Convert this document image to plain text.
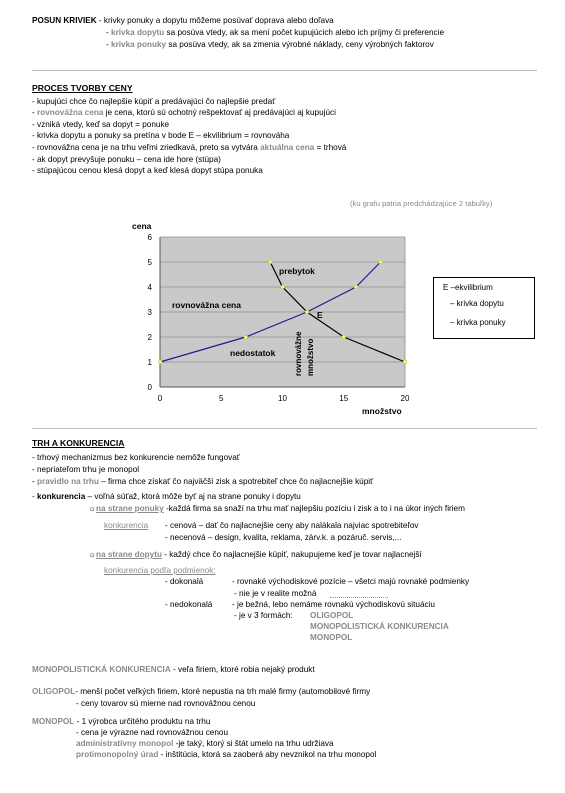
POSUN KRIVIEK - krivky ponuky a dopytu môžeme posúvať doprava alebo doľava
- krivka dopytu sa posúva vtedy, ak sa mení počet kupujúcich alebo ich príjmy či preferencie
- krivka ponuky sa posúva vtedy, ak sa zmenia výrobné náklady, ceny výrobných faktorov
PROCES TVORBY CENY
- kupujúci chce čo najlepšie kúpiť a predávajúci čo najlepšie predať
- rovnovážna cena je cena, ktorú sú ochotný rešpektovať aj predávajúci aj kupujúci
- vzniká vtedy, keď sa dopyt = ponuke
- krivka dopytu a ponuky sa pretína v bode E – ekvilibrium = rovnováha
- rovnovážna cena je na trhu veľmi zriedkavá, preto sa vytvára aktuálna cena = trhová
- ak dopyt prevyšuje ponuku – cena ide hore (stúpa)
- stúpajúcou cenou klesá dopyt a keď klesá dopyt stúpa ponuka
(ku grafu patria predchádzajúce 2 tabuľky)
0
1
2
3
4
5
6
0	5	10	15	20
cena
množstvo
prebytok
rovnovážna cena
E
nedostatok rovnovážne množstvo
E –ekvilibrium
– krivka dopytu
– krivka ponuky
TRH A KONKURENCIA
- trhový mechanizmus bez konkurencie nemôže fungovať
- nepriateľom trhu je monopol
- pravidlo na trhu – firma chce získať čo najväčší zisk a spotrebiteľ chce čo najlacnejšie kúpiť
- konkurencia – voľná súťaž, ktorá môže byť aj na strane ponuky i dopytu
☼na strane ponuky -každá firma sa snaží na trhu mať najlepšiu pozíciu i zisk a to i na úkor iných firiem
konkurencia - cenová – dať čo najlacnejšie ceny aby nalákala najviac spotrebiteľov
- necenová – design, kvalita, reklama, zárv.k. a pozáruč. servis,...
☼na strane dopytu - každý chce čo najlacnejšie kúpiť, nakupujeme keď je tovar najlacnejší
konkurencia podľa podmienok:
- dokonalá	- rovnaké východiskové pozície – všetci majú rovnaké podmienky
- nie je v realite možná
- nedokonalá - je bežná, lebo nemáme rovnakú východiskovú situáciu
- je v 3 formách: OLIGOPOL
MONOPOLISTICKÁ KONKURENCIA
MONOPOL
MONOPOLISTICKÁ KONKURENCIA - veľa firiem, ktoré robia nejaký produkt
OLIGOPOL- menší počet veľkých firiem, ktoré nepustia na trh malé firmy (automobilové firmy
- ceny tovarov sú mierne nad rovnovážnou cenou
MONOPOL - 1 výrobca určitého produktu na trhu
- cena je výrazne nad rovnovážnou cenou
administratívny monopol -je taký, ktorý si štát umelo na trhu udržiava
protimonopolný úrad - inštitúcia, ktorá sa zaoberá aby nevznikol na trhu monopol
